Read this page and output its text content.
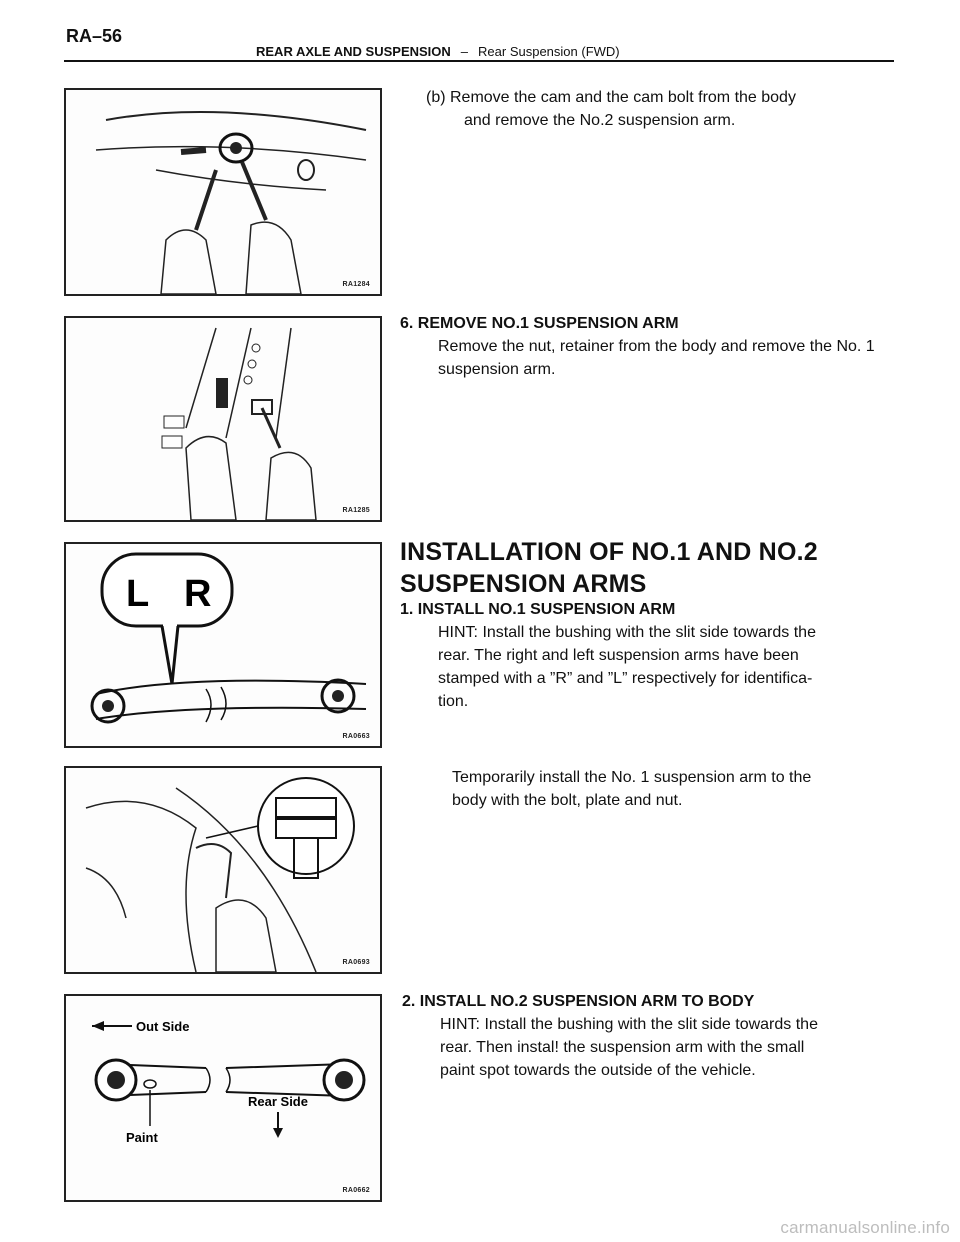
RA–56
REAR AXLE AND SUSPENSION – Rear Suspension (FWD)
RA1284
(b) Remove the cam and the cam bolt from the body
and remove the No.2 suspension arm.
RA1285
6. REMOVE NO.1 SUSPENSION ARM
Remove the nut, retainer from the body and remove the No. 1
suspension arm.
L R
RA0663
INSTALLATION OF NO.1 AND NO.2
SUSPENSION ARMS
1. INSTALL NO.1 SUSPENSION ARM
HINT: Install the bushing with the slit side towards the
rear. The right and left suspension arms have been
stamped with a ”R” and ”L” respectively for identifica-
tion.
RA0693
Temporarily install the No. 1 suspension arm to the
body with the bolt, plate and nut.
Out Side
Paint
Rear Side
RA0662
2. INSTALL NO.2 SUSPENSION ARM TO BODY
HINT: Install the bushing with the slit side towards the
rear. Then instal! the suspension arm with the small
paint spot towards the outside of the vehicle.
carmanualsonline.info
